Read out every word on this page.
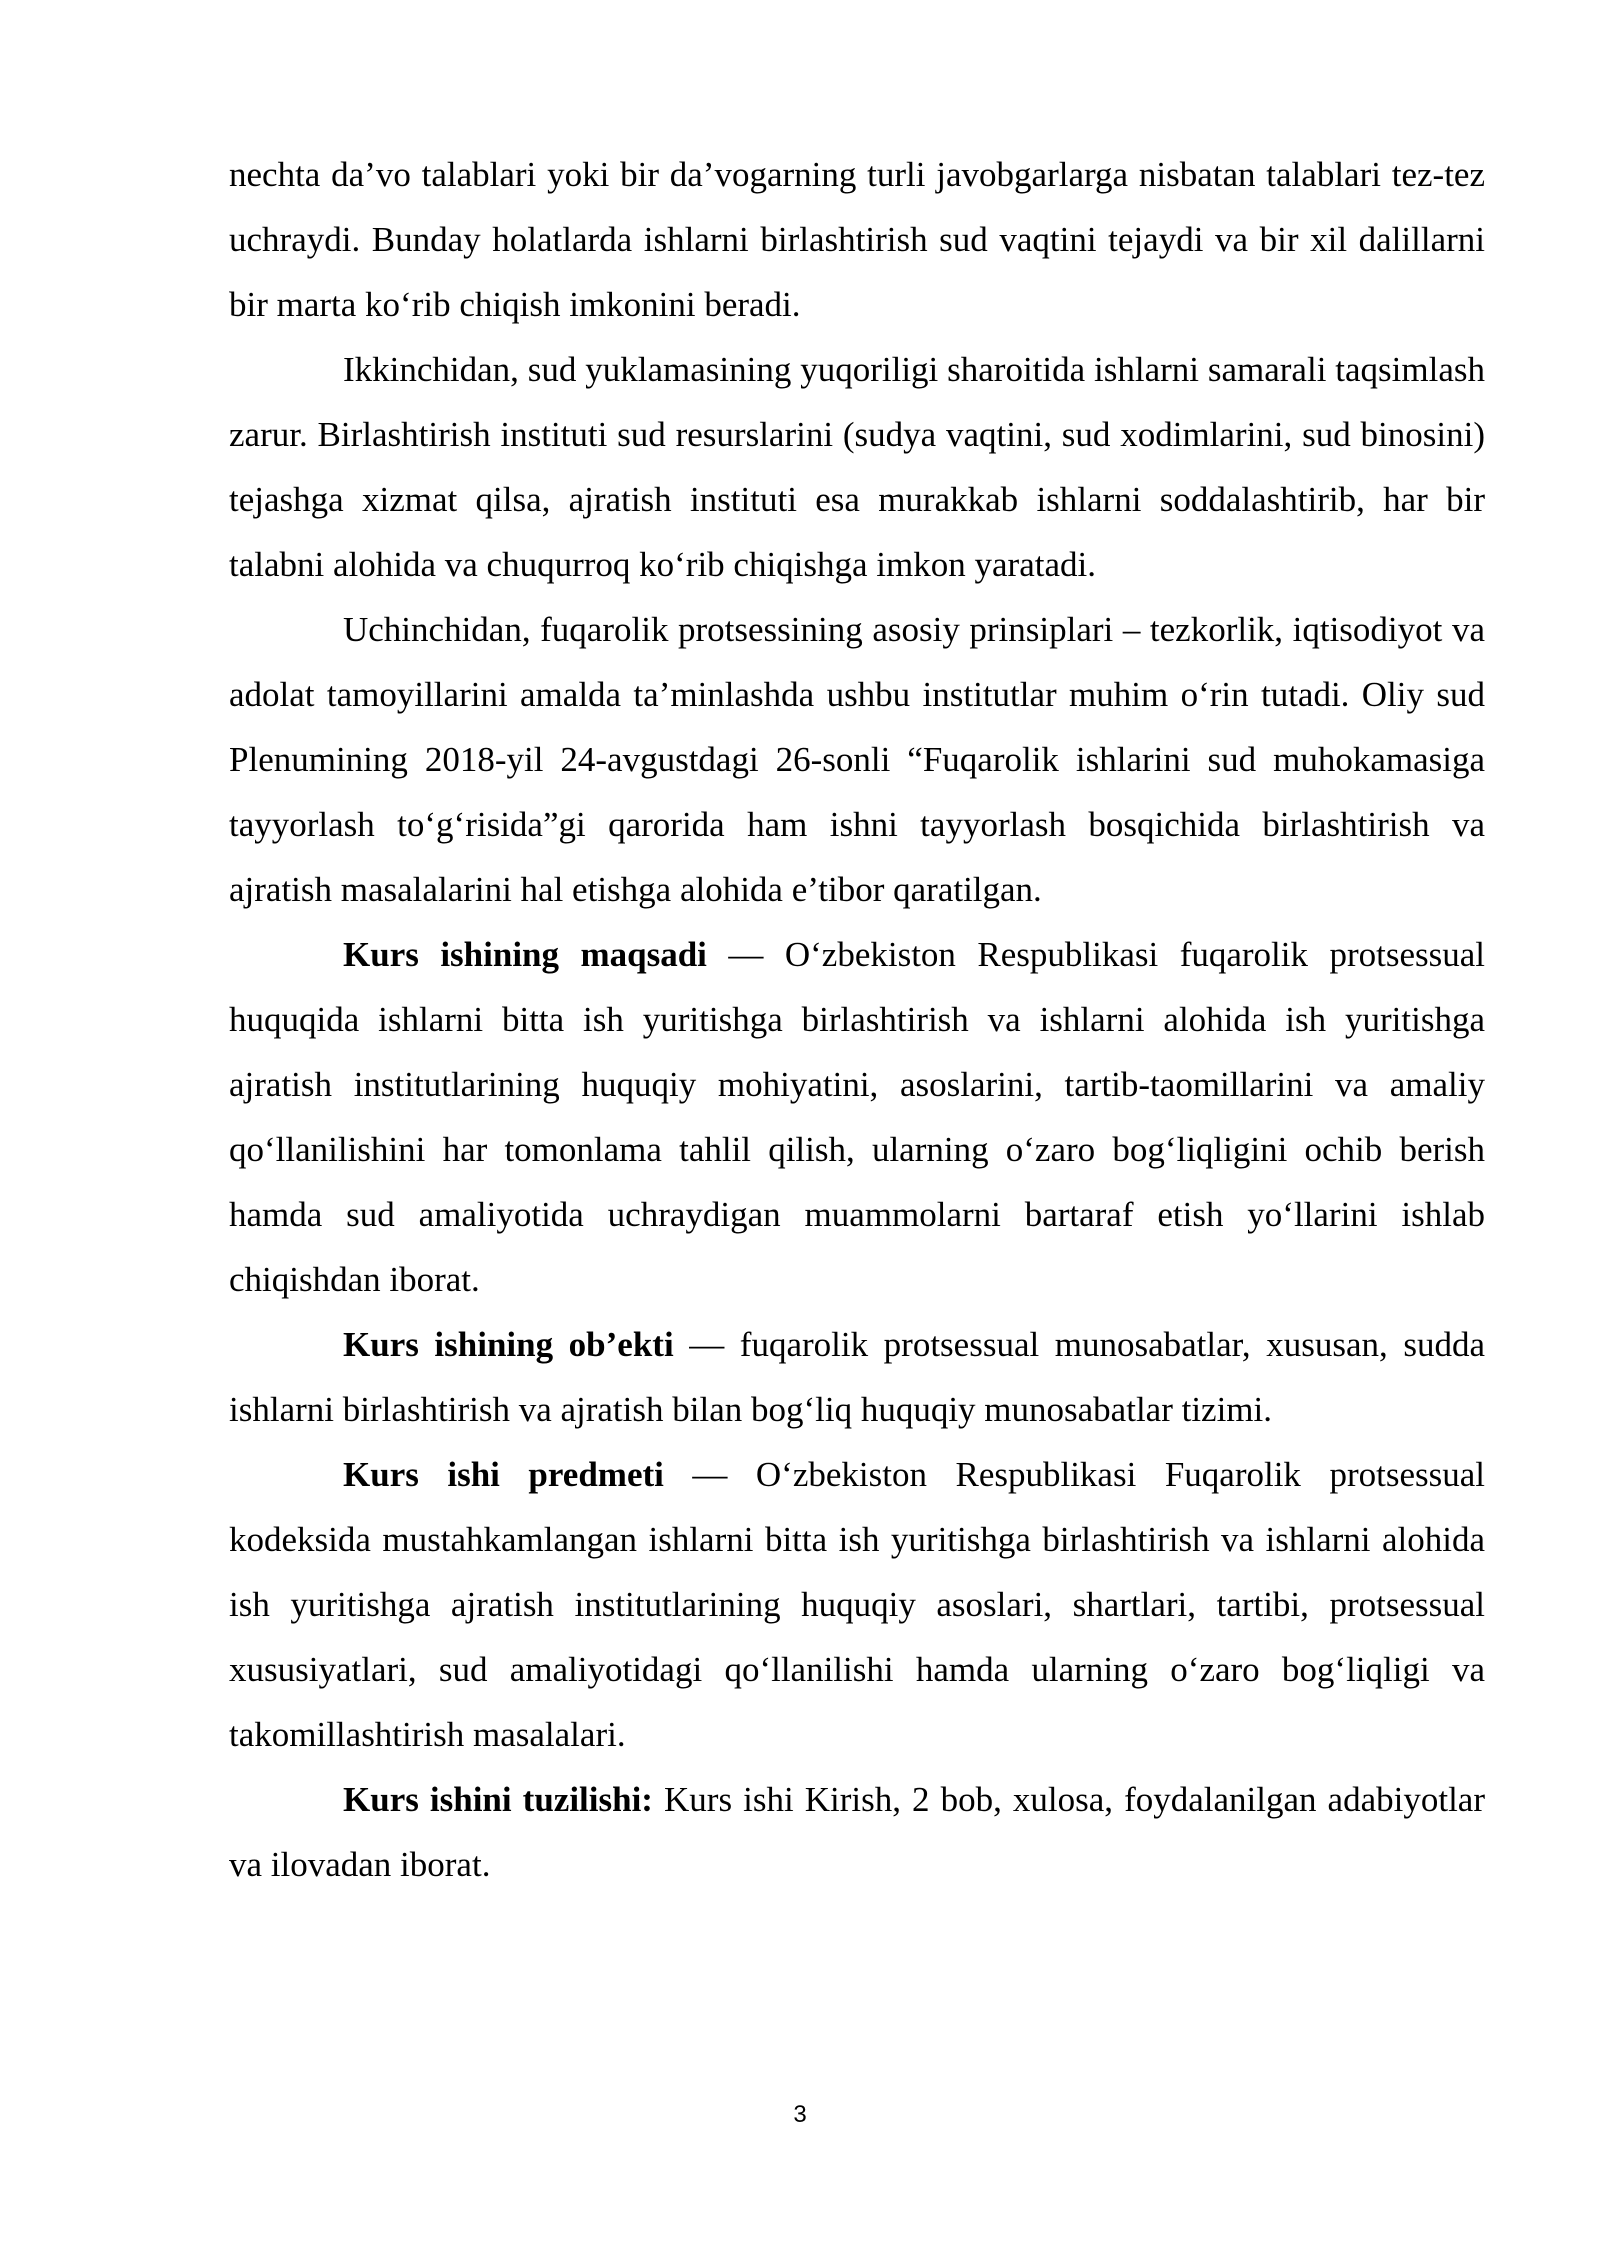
nechta da’vo talablari yoki bir da’vogarning turli javobgarlarga nisbatan talablari tez-tez uchraydi. Bunday holatlarda ishlarni birlashtirish sud vaqtini tejaydi va bir xil dalillarni bir marta ko‘rib chiqish imkonini beradi.

Ikkinchidan, sud yuklamasining yuqoriligi sharoitida ishlarni samarali taqsimlash zarur. Birlashtirish instituti sud resurslarini (sudya vaqtini, sud xodimlarini, sud binosini) tejashga xizmat qilsa, ajratish instituti esa murakkab ishlarni soddalashtirib, har bir talabni alohida va chuqurroq ko‘rib chiqishga imkon yaratadi.

Uchinchidan, fuqarolik protsessining asosiy prinsiplari – tezkorlik, iqtisodiyot va adolat tamoyillarini amalda ta’minlashda ushbu institutlar muhim o‘rin tutadi. Oliy sud Plenumining 2018-yil 24-avgustdagi 26-sonli “Fuqarolik ishlarini sud muhokamasiga tayyorlash to‘g‘risida”gi qarorida ham ishni tayyorlash bosqichida birlashtirish va ajratish masalalarini hal etishga alohida e’tibor qaratilgan.

Kurs ishining maqsadi — O‘zbekiston Respublikasi fuqarolik protsessual huquqida ishlarni bitta ish yuritishga birlashtirish va ishlarni alohida ish yuritishga ajratish institutlarining huquqiy mohiyatini, asoslarini, tartib-taomillarini va amaliy qo‘llanilishini har tomonlama tahlil qilish, ularning o‘zaro bog‘liqligini ochib berish hamda sud amaliyotida uchraydigan muammolarni bartaraf etish yo‘llarini ishlab chiqishdan iborat.

Kurs ishining ob’ekti — fuqarolik protsessual munosabatlar, xususan, sudda ishlarni birlashtirish va ajratish bilan bog‘liq huquqiy munosabatlar tizimi.

Kurs ishi predmeti — O‘zbekiston Respublikasi Fuqarolik protsessual kodeksida mustahkamlangan ishlarni bitta ish yuritishga birlashtirish va ishlarni alohida ish yuritishga ajratish institutlarining huquqiy asoslari, shartlari, tartibi, protsessual xususiyatlari, sud amaliyotidagi qo‘llanilishi hamda ularning o‘zaro bog‘liqligi va takomillashtirish masalalari.

Kurs ishini tuzilishi: Kurs ishi Kirish, 2 bob, xulosa, foydalanilgan adabiyotlar va ilovadan iborat.

3
